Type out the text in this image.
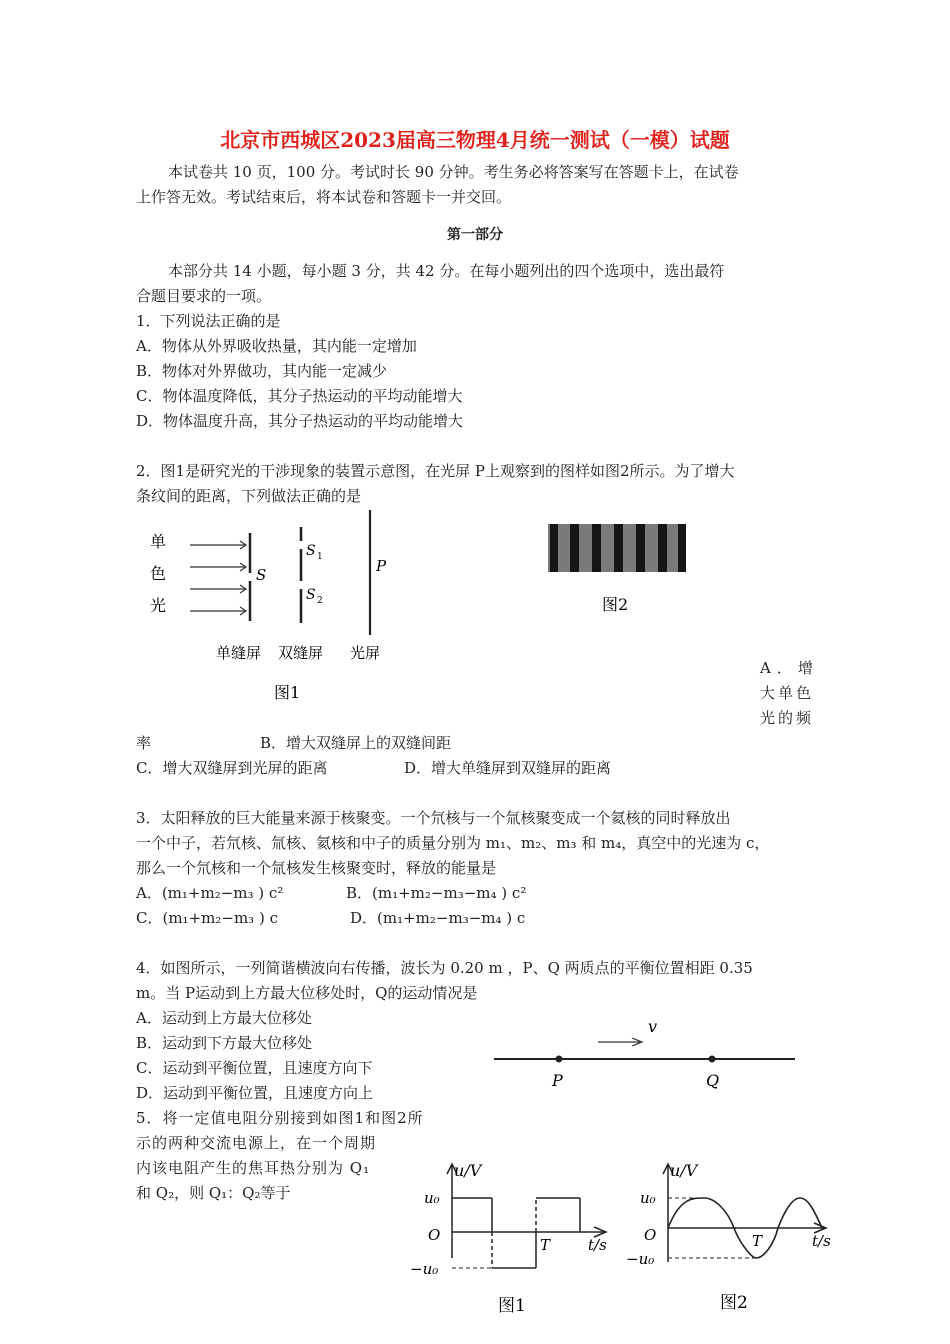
北京市西城区2023届高三物理4月统一测试（一模）试题
本试卷共 10 页，100 分。考试时长 90 分钟。考生务必将答案写在答题卡上，在试卷
上作答无效。考试结束后，将本试卷和答题卡一并交回。
第一部分
本部分共 14 小题，每小题 3 分，共 42 分。在每小题列出的四个选项中，选出最符
合题目要求的一项。
1．下列说法正确的是
A．物体从外界吸收热量，其内能一定增加
B．物体对外界做功，其内能一定减少
C．物体温度降低，其分子热运动的平均动能增大
D．物体温度升高，其分子热运动的平均动能增大
2．图1是研究光的干涉现象的装置示意图，在光屏 P上观察到的图样如图2所示。为了增大
条纹间的距离，下列做法正确的是
单
色
光
S
S 1
S 2
P
单缝屏 双缝屏 光屏
图1
图2
A．增
大单色
光的频
率	B．增大双缝屏上的双缝间距
C．增大双缝屏到光屏的距离	D．增大单缝屏到双缝屏的距离
3．太阳释放的巨大能量来源于核聚变。一个氘核与一个氚核聚变成一个氦核的同时释放出
一个中子，若氘核、氚核、氦核和中子的质量分别为 m₁、m₂、m₃ 和 m₄，真空中的光速为 c，
那么一个氘核和一个氚核发生核聚变时，释放的能量是
A．(m₁+m₂−m₃ ) c²	B．(m₁+m₂−m₃−m₄ ) c²
C．(m₁+m₂−m₃ ) c	D．(m₁+m₂−m₃−m₄ ) c
4．如图所示，一列简谐横波向右传播，波长为 0.20 m ，P、Q 两质点的平衡位置相距 0.35
m。当 P运动到上方最大位移处时，Q的运动情况是
A．运动到上方最大位移处
B．运动到下方最大位移处
C．运动到平衡位置，且速度方向下
D．运动到平衡位置，且速度方向上
v
P	Q
5．将一定值电阻分别接到如图1和图2所
示的两种交流电源上，在一个周期
内该电阻产生的焦耳热分别为 Q₁
和 Q₂，则 Q₁：Q₂等于
u/V
u₀
O
−u₀
T	t/s
图1
u/V
u₀
O
−u₀
T	t/s
图2
